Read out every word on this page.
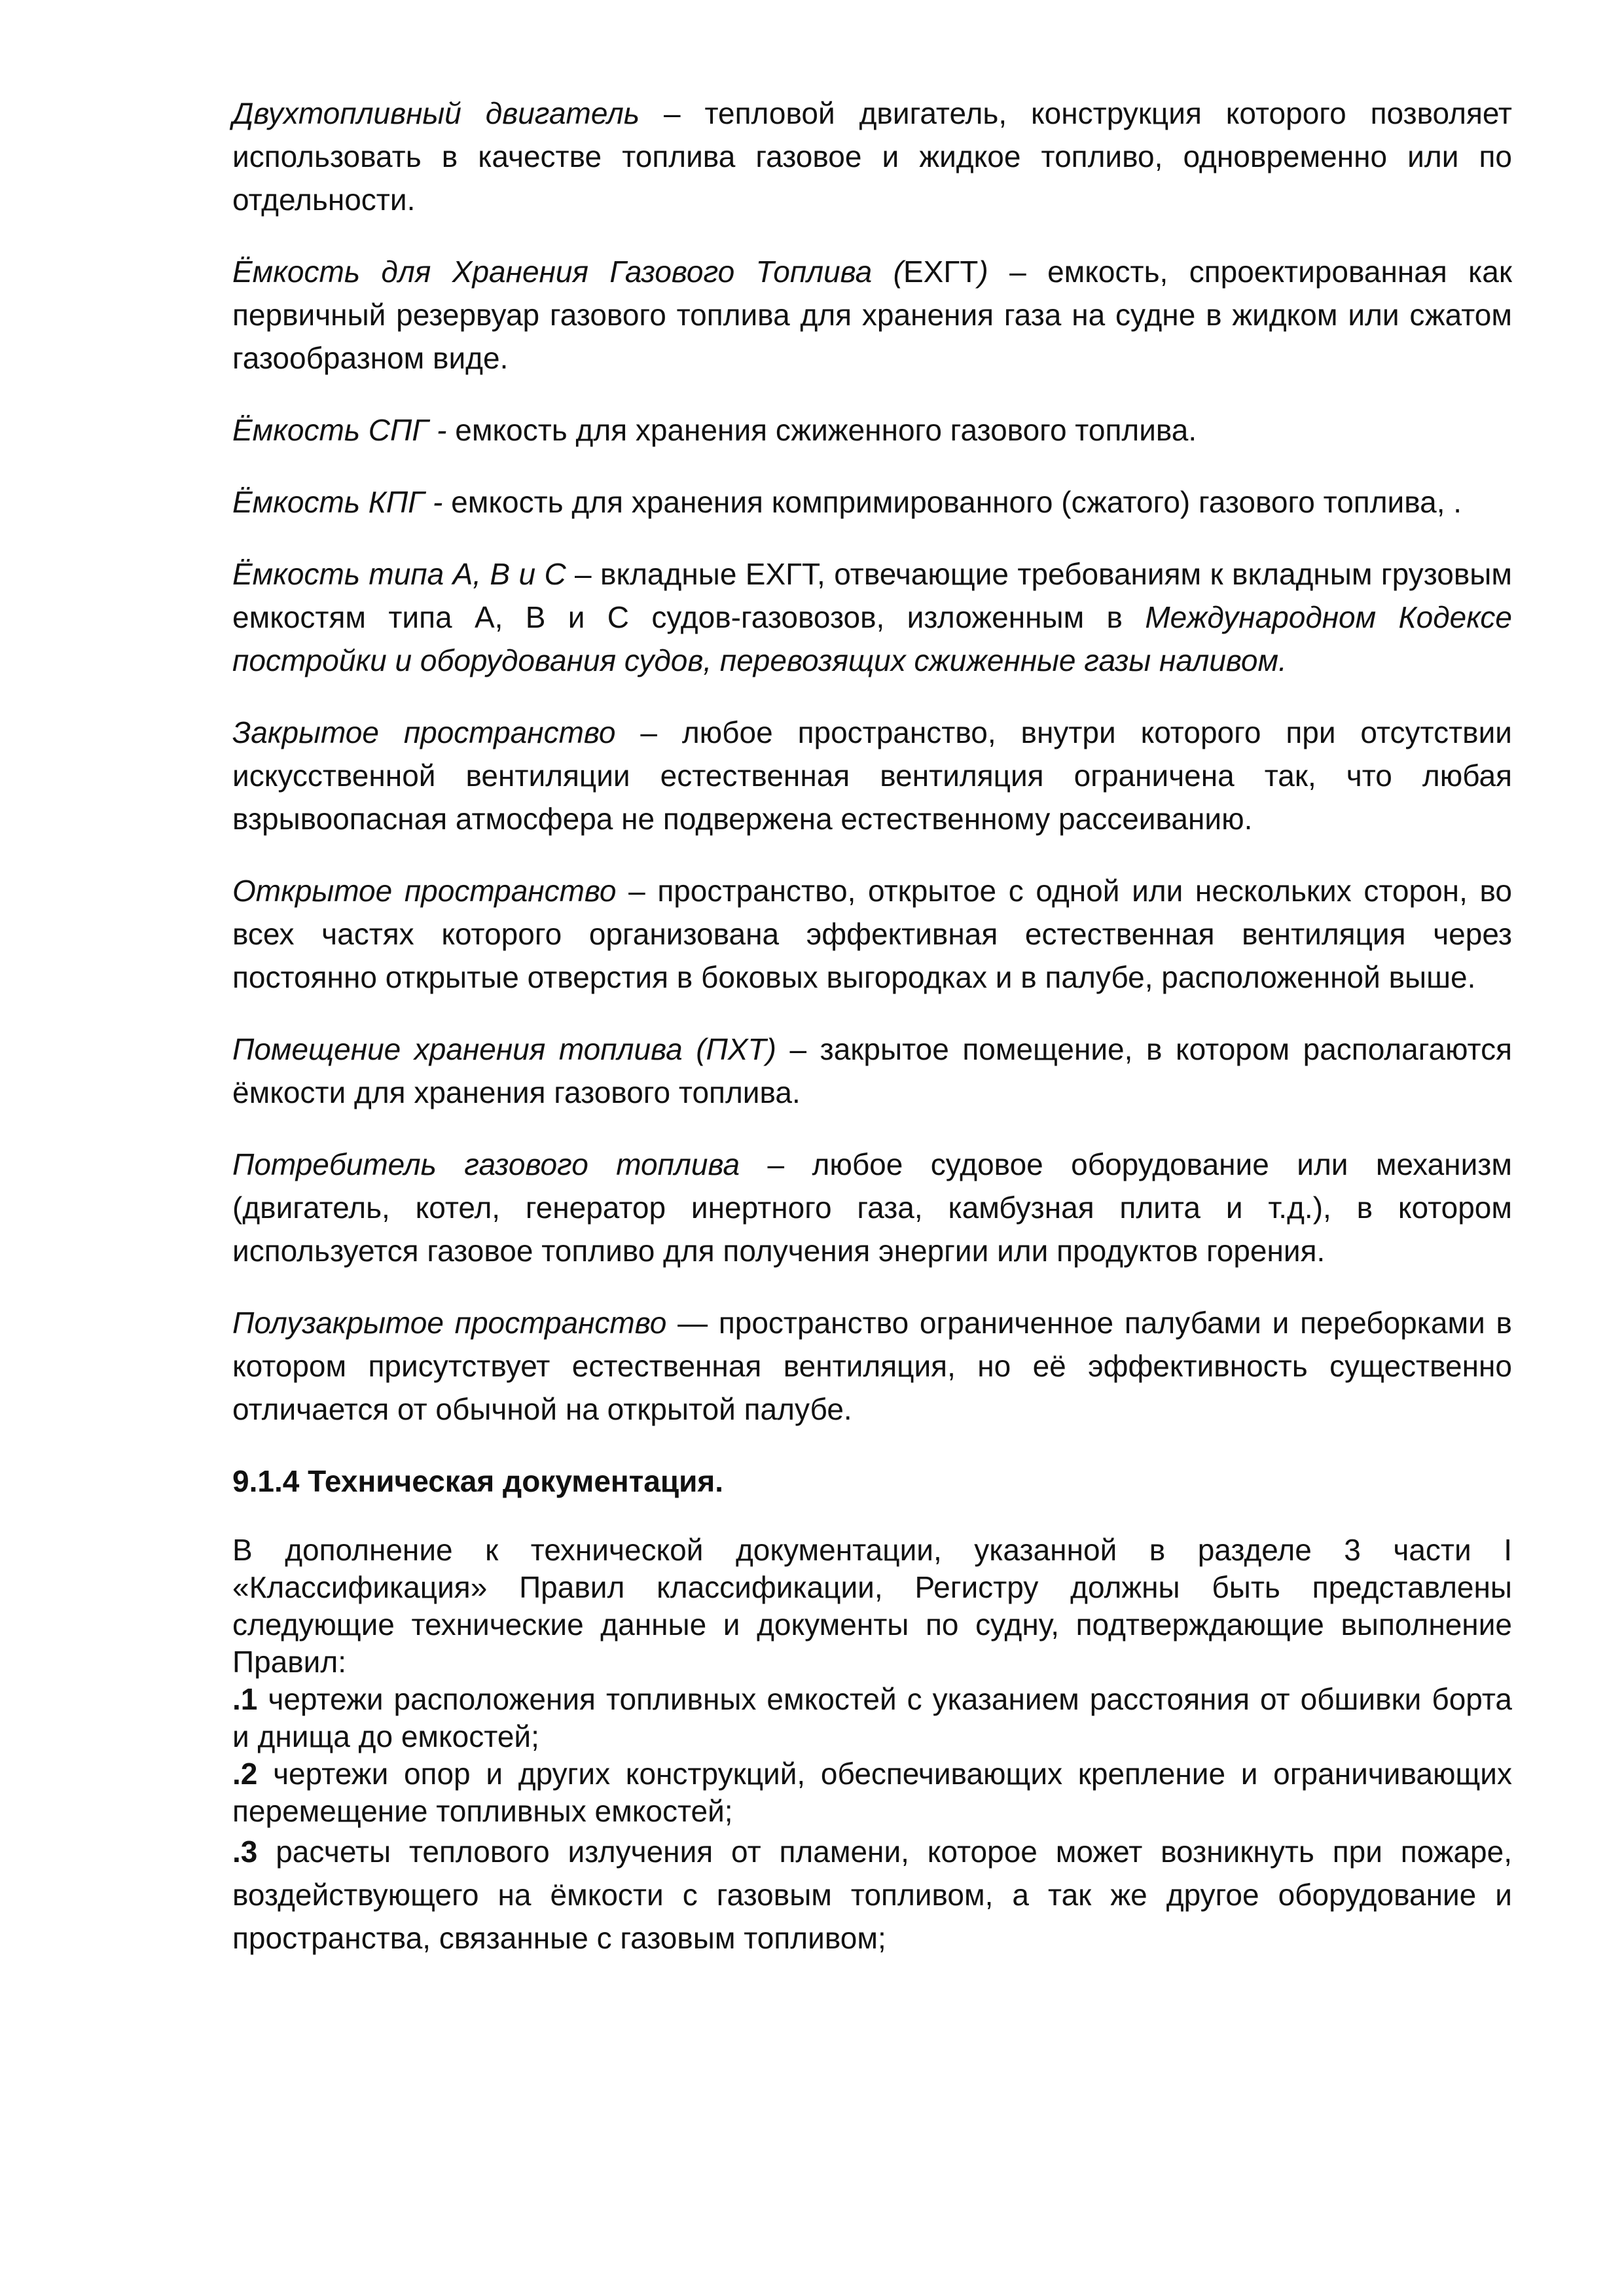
Двухтопливный двигатель – тепловой двигатель, конструкция которого позволяет использовать в качестве топлива газовое и жидкое топливо, одновременно или по отдельности.

Ёмкость для Хранения Газового Топлива (ЕХГТ) – емкость, спроектированная как первичный резервуар газового топлива для хранения газа на судне в жидком или сжатом газообразном виде.

Ёмкость СПГ - емкость для хранения сжиженного газового топлива.

Ёмкость КПГ - емкость для хранения компримированного (сжатого) газового топлива, .

Ёмкость типа А, В и С – вкладные ЕХГТ, отвечающие требованиям к вкладным грузовым емкостям типа А, В и С судов-газовозов, изложенным в Международном Кодексе постройки и оборудования судов, перевозящих сжиженные газы наливом.

Закрытое пространство – любое пространство, внутри которого при отсутствии искусственной вентиляции естественная вентиляция ограничена так, что любая взрывоопасная атмосфера не подвержена естественному рассеиванию.

Открытое пространство – пространство, открытое с одной или нескольких сторон, во всех частях которого организована эффективная естественная вентиляция через постоянно открытые отверстия в боковых выгородках и в палубе, расположенной выше.

Помещение хранения топлива (ПХТ) – закрытое помещение, в котором располагаются ёмкости для хранения газового топлива.

Потребитель газового топлива – любое судовое оборудование или механизм (двигатель, котел, генератор инертного газа, камбузная плита и т.д.), в котором используется газовое топливо для получения энергии или продуктов горения.

Полузакрытое пространство — пространство ограниченное палубами и переборками в котором присутствует естественная вентиляция, но её эффективность существенно отличается от обычной на открытой палубе.

9.1.4 Техническая документация.

В дополнение к технической документации, указанной в разделе 3 части I «Классификация» Правил классификации, Регистру должны быть представлены следующие технические данные и документы по судну, подтверждающие выполнение Правил:

.1 чертежи расположения топливных емкостей с указанием расстояния от обшивки борта и днища до емкостей;

.2 чертежи опор и других конструкций, обеспечивающих крепление и ограничивающих перемещение топливных емкостей;

.3 расчеты теплового излучения от пламени, которое может возникнуть при пожаре, воздействующего на ёмкости с газовым топливом, а так же другое оборудование и пространства, связанные с газовым топливом;
